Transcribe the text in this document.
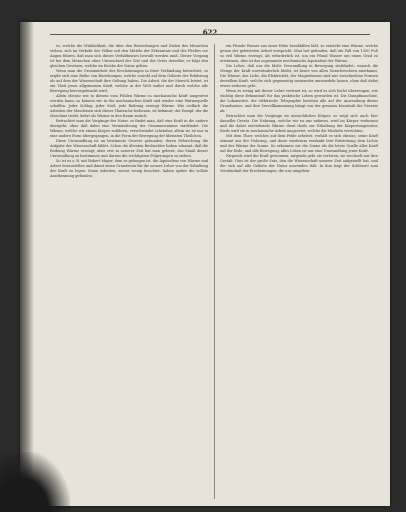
622

es, welche die Wirklichkeit, die über den Bestrebungen und Zielen des Menschen stehen, sich im Verkehr der Völker mit den Mitteln der Erkenntnis und des Fleißes vor Augen führen, daß man sich dieses Verhältnisses bewußt werden muß. Dieser Vorgang ist bei dem Menschen ohne Unterschied der Zeit und des Ortes derselbe; er folgt den gleichen Gesetzen, welche im Reiche der Natur gelten.

Wenn man die Gesammtheit der Erscheinungen in ihrer Verbindung betrachtet, so ergibt sich eine Reihe von Beziehungen, welche sowohl auf dem Gebiete der Erfahrung als auf dem der Wissenschaft ihre Geltung haben. Die Arbeit, die der Mensch leistet, ist ein Theil jener allgemeinen Kraft, welche in der Welt waltet und durch welche alle Bewegung hervorgebracht wird.

Allein ebenso wie in diesem vom Fühlen Wärme in mechanische Kraft umgesetzt werden kann, so können wir in der mechanischen Kraft und wieder eine Wärmequelle schaffen. Jeder Schlag, jeder Stoß, jede Reibung erzeugt Wärme. Wie vielfach die Arbeiten der Maschinen sich dieser Thatsache bedienen, ist bekannt; der Dampf, der die Maschine treibt, kehrt als Wärme in den Raum zurück.

Betrachtet man die Vorgänge der Natur, so findet man, daß eine Kraft in die andere übergeht, ohne daß dabei eine Verminderung der Gesammtsumme stattfindet. Die Wärme, welche wir einem Körper zuführen, verschwindet scheinbar, allein sie ist nur in eine andere Form übergegangen, in die Form der Bewegung der kleinsten Theilchen.

Diese Umwandlung ist an bestimmte Gesetze gebunden, deren Erforschung die Aufgabe der Wissenschaft bildet. Schon die ältesten Beobachter haben erkannt, daß die Reibung Wärme erzeugt; aber erst in neuerer Zeit hat man gelernt, das Maaß dieser Umwandlung zu bestimmen und daraus die wichtigsten Folgerungen zu ziehen.

So ist es z. B. mit Robert Mayer, dem es gelungen ist, die Äquivalenz von Wärme und Arbeit festzustellen und damit einen Grundstein für die neuere Lehre von der Erhaltung der Kraft zu legen. Seine Arbeiten, zuerst wenig beachtet, haben später die vollste Anerkennung gefunden.

ein Pfunde Wasser aus einer Höhe herabfallen läßt, so entsteht eine Wärme, welche genau der geleisteten Arbeit entspricht. Man hat gefunden, daß ein Fall von 1350 Fuß so viel Wärme erzeugt, als erforderlich ist, um ein Pfund Wasser um einen Grad zu erwärmen; dies ist das sogenannte mechanische Äquivalent der Wärme.

Die Lehre, daß nur die bloße Verwandlung in Bewegung stattfindet, wonach die Menge der Kraft unveränderlich bleibt, ist heute von allen Naturforschern anerkannt. Die Wärme, das Licht, die Elektricität, der Magnetismus sind nur verschiedene Formen derselben Kraft, welche sich gegenseitig ineinander umwandeln lassen, ohne daß dabei etwas verloren geht.

Wenn es wenig mit dieser Lehre vertraut ist, so wird es sich leicht überzeugen, wie wichtig diese Erkenntniß für das praktische Leben geworden ist. Die Dampfmaschine, die Lokomotive, die elektrische Telegraphie beruhen alle auf der Anwendung dieses Grundsatzes, und ihre Vervollkommnung hängt von der genauen Kenntniß der Gesetze ab.

Betrachtet man die Vorgänge im menschlichen Körper, so zeigt sich auch hier dasselbe Gesetz. Die Nahrung, welche wir zu uns nehmen, wird im Körper verbrannt und die dabei entstehende Wärme dient theils zur Erhaltung der Körpertemperatur, theils wird sie in mechanische Arbeit umgesetzt, welche die Muskeln verrichten.

Mit dem Thier, welches auf dem Felde arbeitet, verhält es sich ebenso; seine Kraft stammt aus der Nahrung, und diese wiederum verdankt ihre Entstehung dem Lichte und der Wärme der Sonne. So erkennen wir die Sonne als die letzte Quelle aller Kraft auf der Erde, und alle Bewegung, alles Leben ist nur eine Umwandlung jener Kraft.

Nirgends wird die Kraft gewonnen, nirgends geht sie verloren; sie wechselt nur ihre Gestalt. Dies ist der große Satz, den die Wissenschaft unserer Zeit aufgestellt hat, und der sich auf alle Gebiete der Natur anwenden läßt. In ihm liegt der Schlüssel zum Verständniß der Erscheinungen, die uns umgeben.
